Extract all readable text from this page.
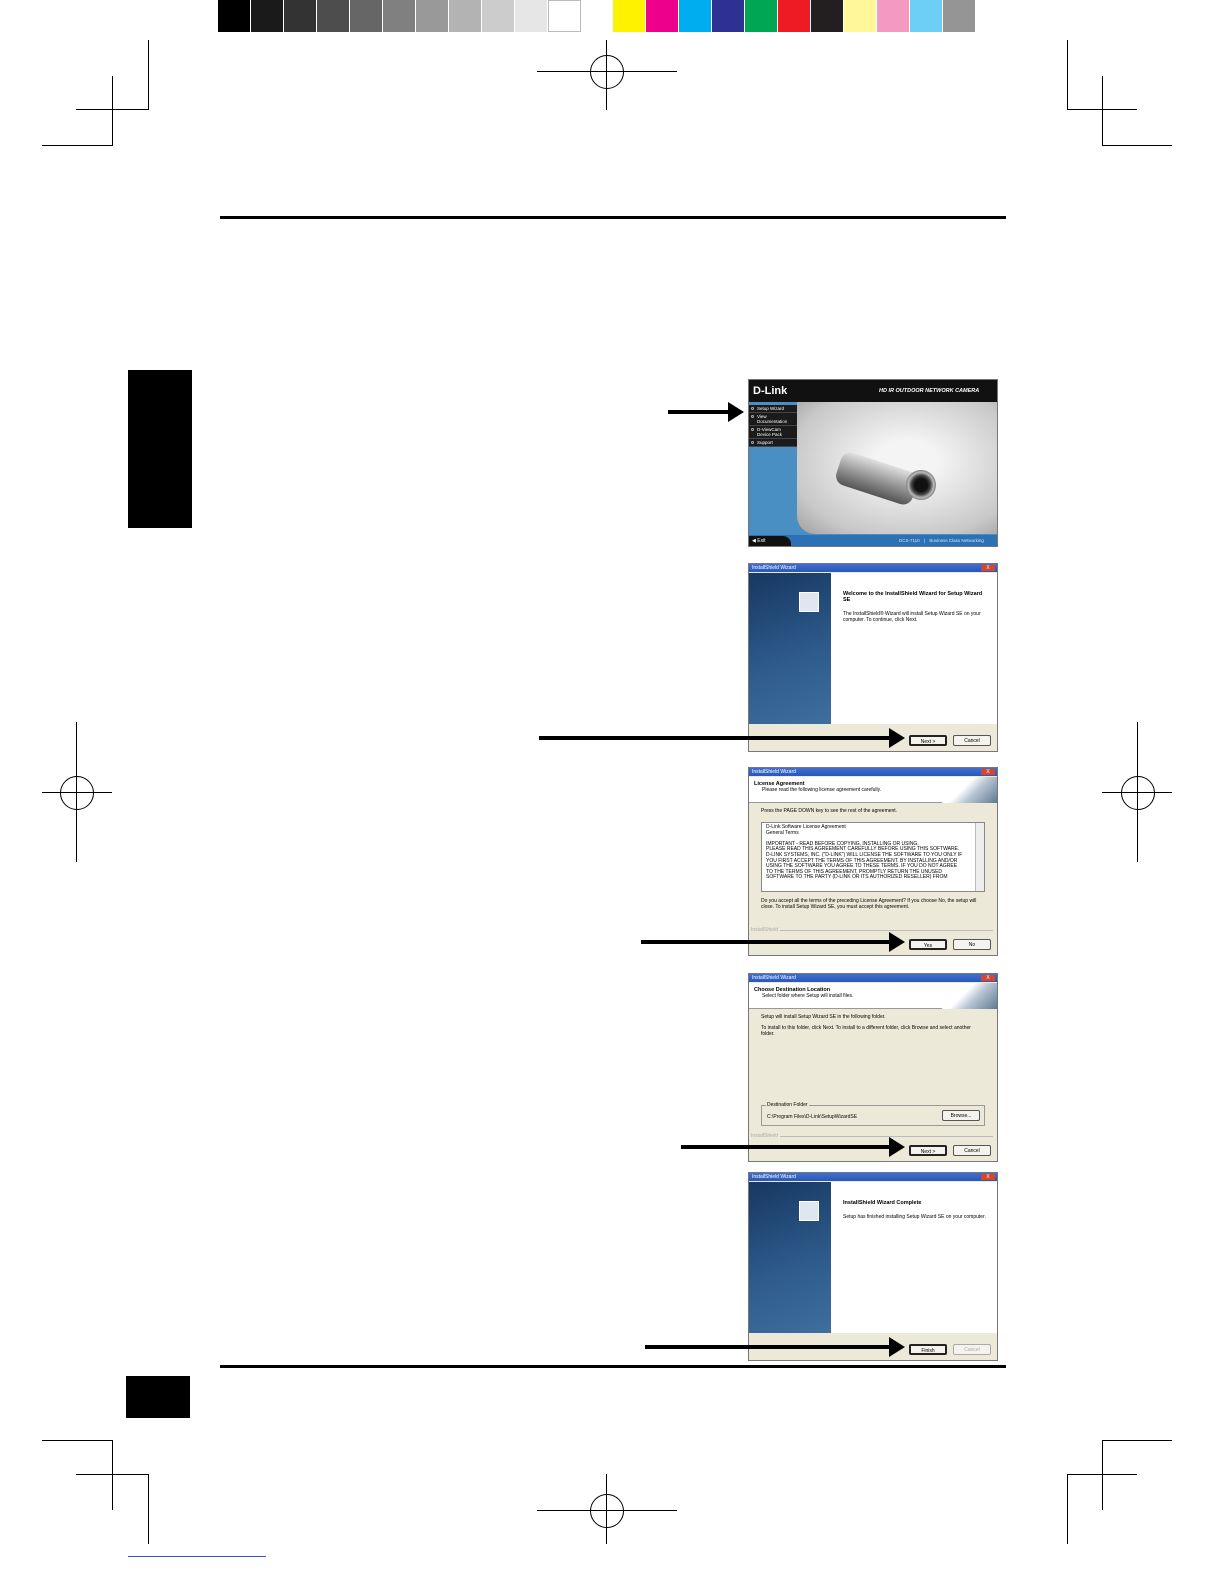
D-Link	HD IR OUTDOOR NETWORK CAMERA
Setup Wizard
View Documentation
D-ViewCam Device Pack
Support
◀ Exit	DCS-7110 | Business Class Networking
InstallShield Wizard	X
Welcome to the InstallShield Wizard for Setup Wizard SE
The InstallShield® Wizard will install Setup Wizard SE on your computer. To continue, click Next.
Next >	Cancel
InstallShield Wizard	X
License Agreement
Please read the following license agreement carefully.
Press the PAGE DOWN key to see the rest of the agreement.
D-Link Software License Agreement
General Terms
IMPORTANT - READ BEFORE COPYING, INSTALLING OR USING.
PLEASE READ THIS AGREEMENT CAREFULLY BEFORE USING THIS SOFTWARE.
D-LINK SYSTEMS, INC. ("D-LINK") WILL LICENSE THE SOFTWARE TO YOU ONLY IF
YOU FIRST ACCEPT THE TERMS OF THIS AGREEMENT. BY INSTALLING AND/OR
USING THE SOFTWARE YOU AGREE TO THESE TERMS. IF YOU DO NOT AGREE
TO THE TERMS OF THIS AGREEMENT, PROMPTLY RETURN THE UNUSED
SOFTWARE TO THE PARTY (D-LINK OR ITS AUTHORIZED RESELLER) FROM
Do you accept all the terms of the preceding License Agreement? If you choose No, the setup will close. To install Setup Wizard SE, you must accept this agreement.
InstallShield
Yes	No
InstallShield Wizard	X
Choose Destination Location
Select folder where Setup will install files.
Setup will install Setup Wizard SE in the following folder.
To install to this folder, click Next. To install to a different folder, click Browse and select another folder.
Destination Folder
C:\Program Files\D-Link\SetupWizardSE	Browse...
InstallShield
Next >	Cancel
InstallShield Wizard	X
InstallShield Wizard Complete
Setup has finished installing Setup Wizard SE on your computer.
Finish	Cancel
